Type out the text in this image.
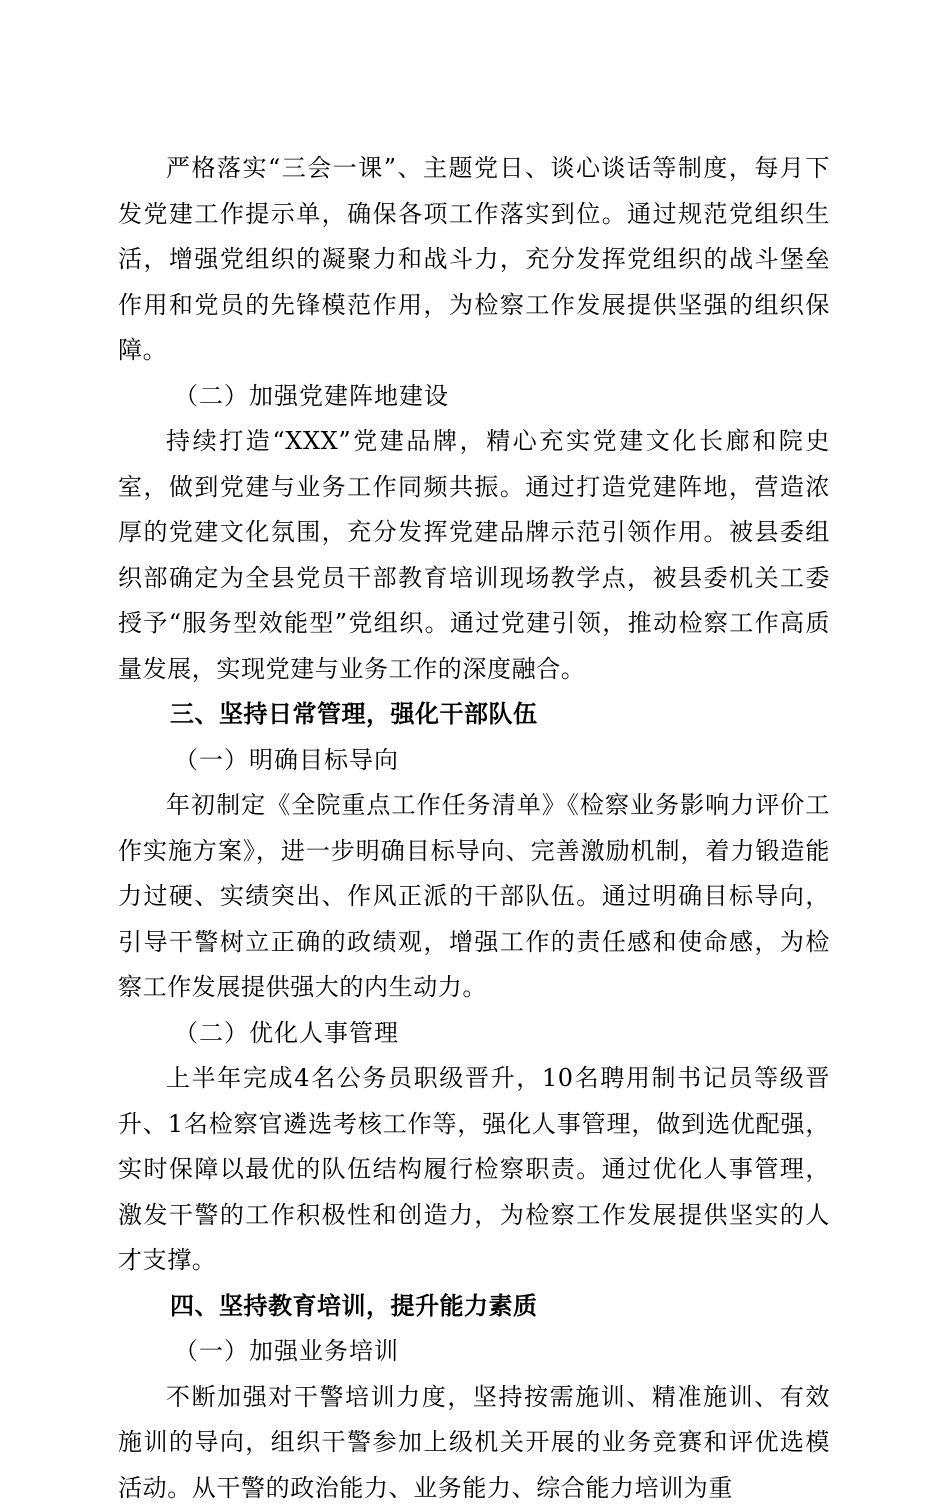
严格落实“三会一课”、主题党日、谈心谈话等制度，每月下发党建工作提示单，确保各项工作落实到位。通过规范党组织生活，增强党组织的凝聚力和战斗力，充分发挥党组织的战斗堡垒作用和党员的先锋模范作用，为检察工作发展提供坚强的组织保障。

（二）加强党建阵地建设

持续打造“XXX”党建品牌，精心充实党建文化长廊和院史室，做到党建与业务工作同频共振。通过打造党建阵地，营造浓厚的党建文化氛围，充分发挥党建品牌示范引领作用。被县委组织部确定为全县党员干部教育培训现场教学点，被县委机关工委授予“服务型效能型”党组织。通过党建引领，推动检察工作高质量发展，实现党建与业务工作的深度融合。

三、坚持日常管理，强化干部队伍

（一）明确目标导向

年初制定《全院重点工作任务清单》《检察业务影响力评价工作实施方案》，进一步明确目标导向、完善激励机制，着力锻造能力过硬、实绩突出、作风正派的干部队伍。通过明确目标导向，引导干警树立正确的政绩观，增强工作的责任感和使命感，为检察工作发展提供强大的内生动力。

（二）优化人事管理

上半年完成4名公务员职级晋升，10名聘用制书记员等级晋升、1名检察官遴选考核工作等，强化人事管理，做到选优配强，实时保障以最优的队伍结构履行检察职责。通过优化人事管理，激发干警的工作积极性和创造力，为检察工作发展提供坚实的人才支撑。

四、坚持教育培训，提升能力素质

（一）加强业务培训

不断加强对干警培训力度，坚持按需施训、精准施训、有效施训的导向，组织干警参加上级机关开展的业务竞赛和评优选模活动。从干警的政治能力、业务能力、综合能力培训为重
